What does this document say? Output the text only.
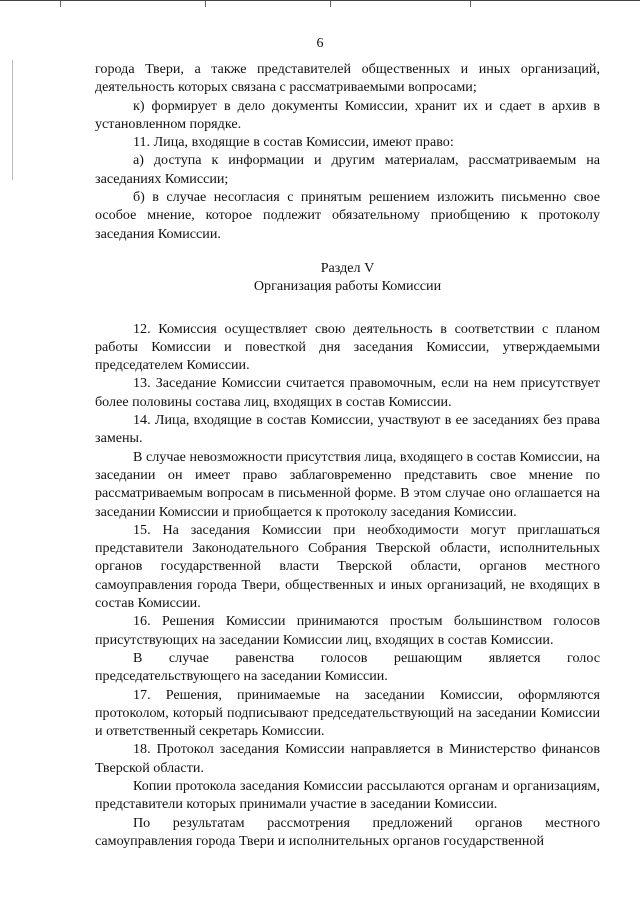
6

города Твери, а также представителей общественных и иных организаций, деятельность которых связана с рассматриваемыми вопросами;

к) формирует в дело документы Комиссии, хранит их и сдает в архив в установленном порядке.

11. Лица, входящие в состав Комиссии, имеют право:

а) доступа к информации и другим материалам, рассматриваемым на заседаниях Комиссии;

б) в случае несогласия с принятым решением изложить письменно свое особое мнение, которое подлежит обязательному приобщению к протоколу заседания Комиссии.

Раздел V

Организация работы Комиссии

12. Комиссия осуществляет свою деятельность в соответствии с планом работы Комиссии и повесткой дня заседания Комиссии, утверждаемыми председателем Комиссии.

13. Заседание Комиссии считается правомочным, если на нем присутствует более половины состава лиц, входящих в состав Комиссии.

14. Лица, входящие в состав Комиссии, участвуют в ее заседаниях без права замены.

В случае невозможности присутствия лица, входящего в состав Комиссии, на заседании он имеет право заблаговременно представить свое мнение по рассматриваемым вопросам в письменной форме. В этом случае оно оглашается на заседании Комиссии и приобщается к протоколу заседания Комиссии.

15. На заседания Комиссии при необходимости могут приглашаться представители Законодательного Собрания Тверской области, исполнительных органов государственной власти Тверской области, органов местного самоуправления города Твери, общественных и иных организаций, не входящих в состав Комиссии.

16. Решения Комиссии принимаются простым большинством голосов присутствующих на заседании Комиссии лиц, входящих в состав Комиссии.

В случае равенства голосов решающим является голос председательствующего на заседании Комиссии.

17. Решения, принимаемые на заседании Комиссии, оформляются протоколом, который подписывают председательствующий на заседании Комиссии и ответственный секретарь Комиссии.

18. Протокол заседания Комиссии направляется в Министерство финансов Тверской области.

Копии протокола заседания Комиссии рассылаются органам и организациям, представители которых принимали участие в заседании Комиссии.

По результатам рассмотрения предложений органов местного самоуправления города Твери и исполнительных органов государственной
